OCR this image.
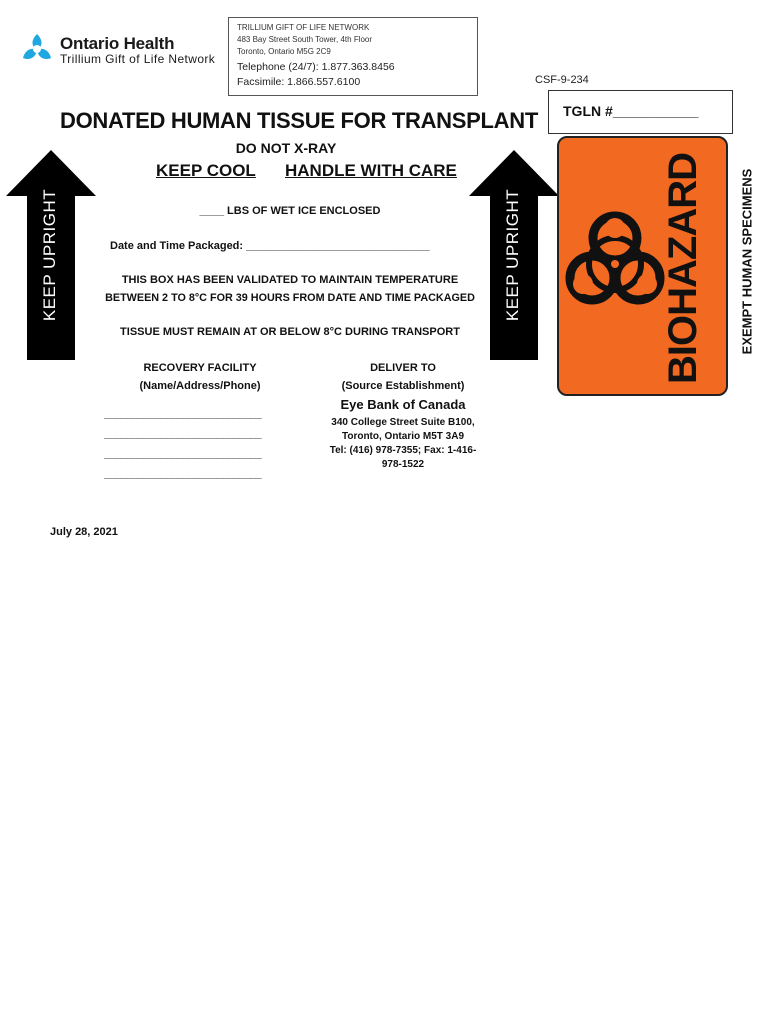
Ontario Health
Trillium Gift of Life Network
TRILLIUM GIFT OF LIFE NETWORK
483 Bay Street South Tower, 4th Floor
Toronto, Ontario M5G 2C9
Telephone (24/7): 1.877.363.8456
Facsimile: 1.866.557.6100	CSF-9-234
TGLN #___________
DONATED HUMAN TISSUE FOR TRANSPLANT
DO NOT X-RAY
KEEP COOL HANDLE WITH CARE
KEEP UPRIGHT	KEEP UPRIGHT
____ LBS OF WET ICE ENCLOSED
Date and Time Packaged: ______________________________
THIS BOX HAS BEEN VALIDATED TO MAINTAIN TEMPERATURE
BETWEEN 2 TO 8°C FOR 39 HOURS FROM DATE AND TIME PACKAGED
TISSUE MUST REMAIN AT OR BELOW 8°C DURING TRANSPORT
RECOVERY FACILITY
(Name/Address/Phone)
____________________________
____________________________
____________________________
____________________________
DELIVER TO
(Source Establishment)
Eye Bank of Canada
340 College Street Suite B100,
Toronto, Ontario M5T 3A9
Tel: (416) 978-7355; Fax: 1-416-
978-1522
July 28, 2021
BIOHAZARD	EXEMPT HUMAN SPECIMENS
